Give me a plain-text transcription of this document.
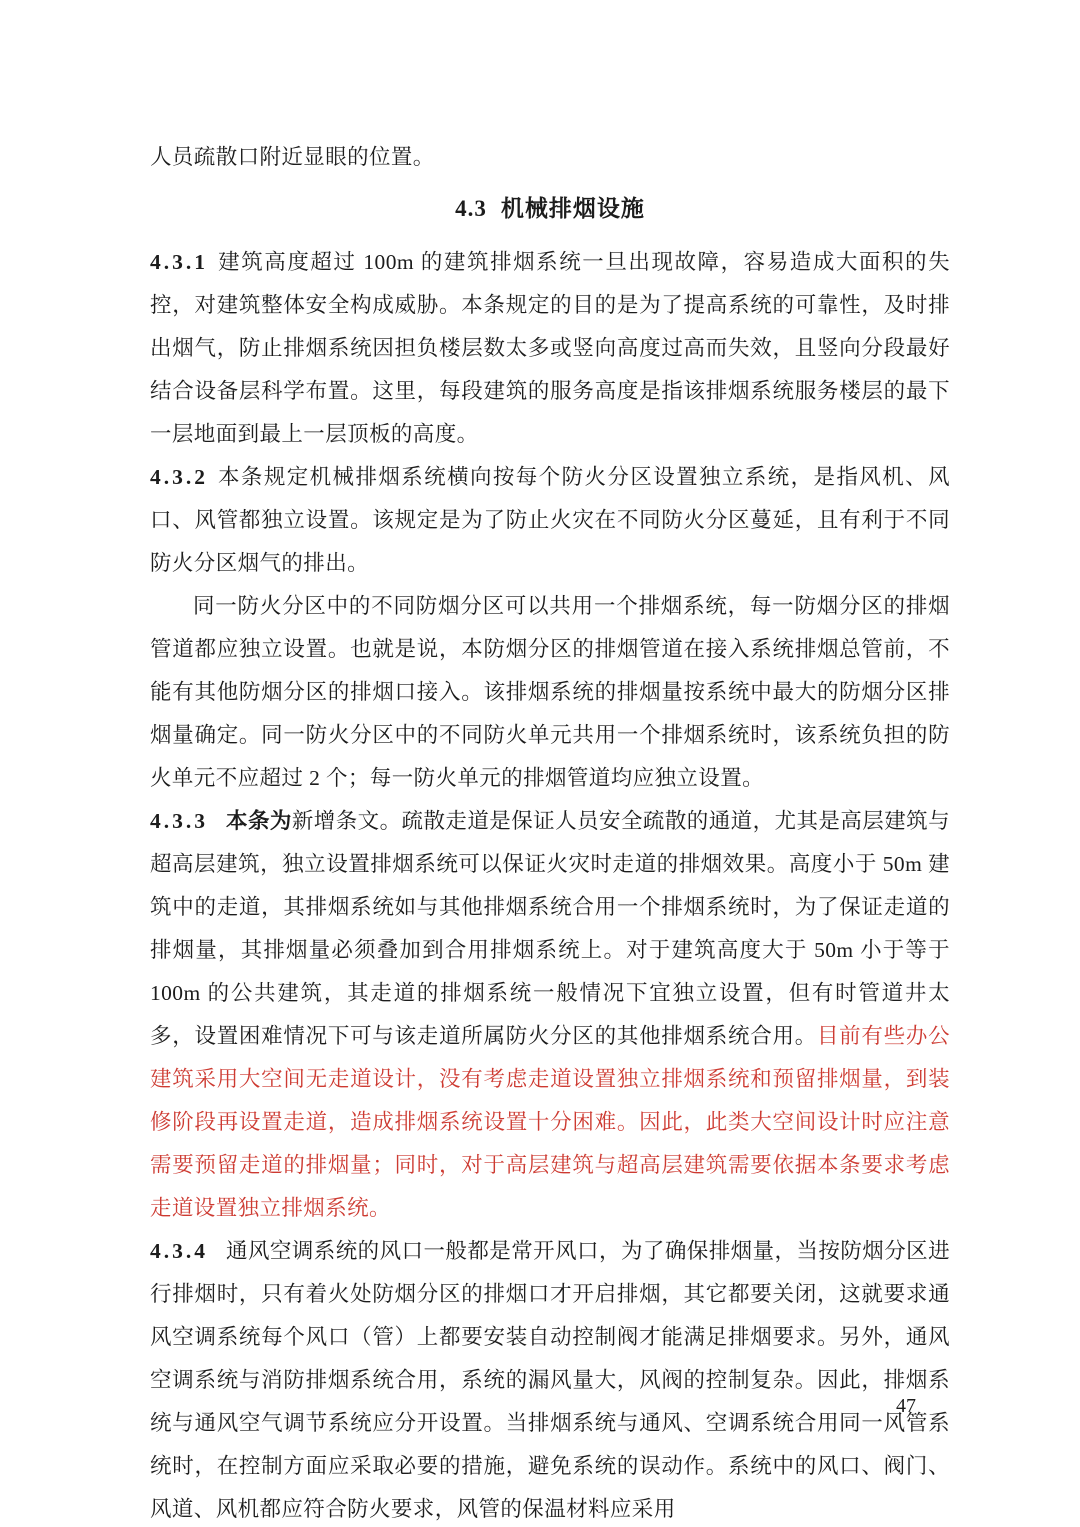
人员疏散口附近显眼的位置。

4.3 机械排烟设施

4.3.1 建筑高度超过 100m 的建筑排烟系统一旦出现故障，容易造成大面积的失控，对建筑整体安全构成威胁。本条规定的目的是为了提高系统的可靠性，及时排出烟气，防止排烟系统因担负楼层数太多或竖向高度过高而失效，且竖向分段最好结合设备层科学布置。这里，每段建筑的服务高度是指该排烟系统服务楼层的最下一层地面到最上一层顶板的高度。

4.3.2 本条规定机械排烟系统横向按每个防火分区设置独立系统，是指风机、风口、风管都独立设置。该规定是为了防止火灾在不同防火分区蔓延，且有利于不同防火分区烟气的排出。

同一防火分区中的不同防烟分区可以共用一个排烟系统，每一防烟分区的排烟管道都应独立设置。也就是说，本防烟分区的排烟管道在接入系统排烟总管前，不能有其他防烟分区的排烟口接入。该排烟系统的排烟量按系统中最大的防烟分区排烟量确定。同一防火分区中的不同防火单元共用一个排烟系统时，该系统负担的防火单元不应超过 2 个；每一防火单元的排烟管道均应独立设置。

4.3.3 本条为新增条文。疏散走道是保证人员安全疏散的通道，尤其是高层建筑与超高层建筑，独立设置排烟系统可以保证火灾时走道的排烟效果。高度小于 50m 建筑中的走道，其排烟系统如与其他排烟系统合用一个排烟系统时，为了保证走道的排烟量，其排烟量必须叠加到合用排烟系统上。对于建筑高度大于 50m 小于等于 100m 的公共建筑，其走道的排烟系统一般情况下宜独立设置，但有时管道井太多，设置困难情况下可与该走道所属防火分区的其他排烟系统合用。目前有些办公建筑采用大空间无走道设计，没有考虑走道设置独立排烟系统和预留排烟量，到装修阶段再设置走道，造成排烟系统设置十分困难。因此，此类大空间设计时应注意需要预留走道的排烟量；同时，对于高层建筑与超高层建筑需要依据本条要求考虑走道设置独立排烟系统。

4.3.4 通风空调系统的风口一般都是常开风口，为了确保排烟量，当按防烟分区进行排烟时，只有着火处防烟分区的排烟口才开启排烟，其它都要关闭，这就要求通风空调系统每个风口（管）上都要安装自动控制阀才能满足排烟要求。另外，通风空调系统与消防排烟系统合用，系统的漏风量大，风阀的控制复杂。因此，排烟系统与通风空气调节系统应分开设置。当排烟系统与通风、空调系统合用同一风管系统时，在控制方面应采取必要的措施，避免系统的误动作。系统中的风口、阀门、风道、风机都应符合防火要求，风管的保温材料应采用

47
